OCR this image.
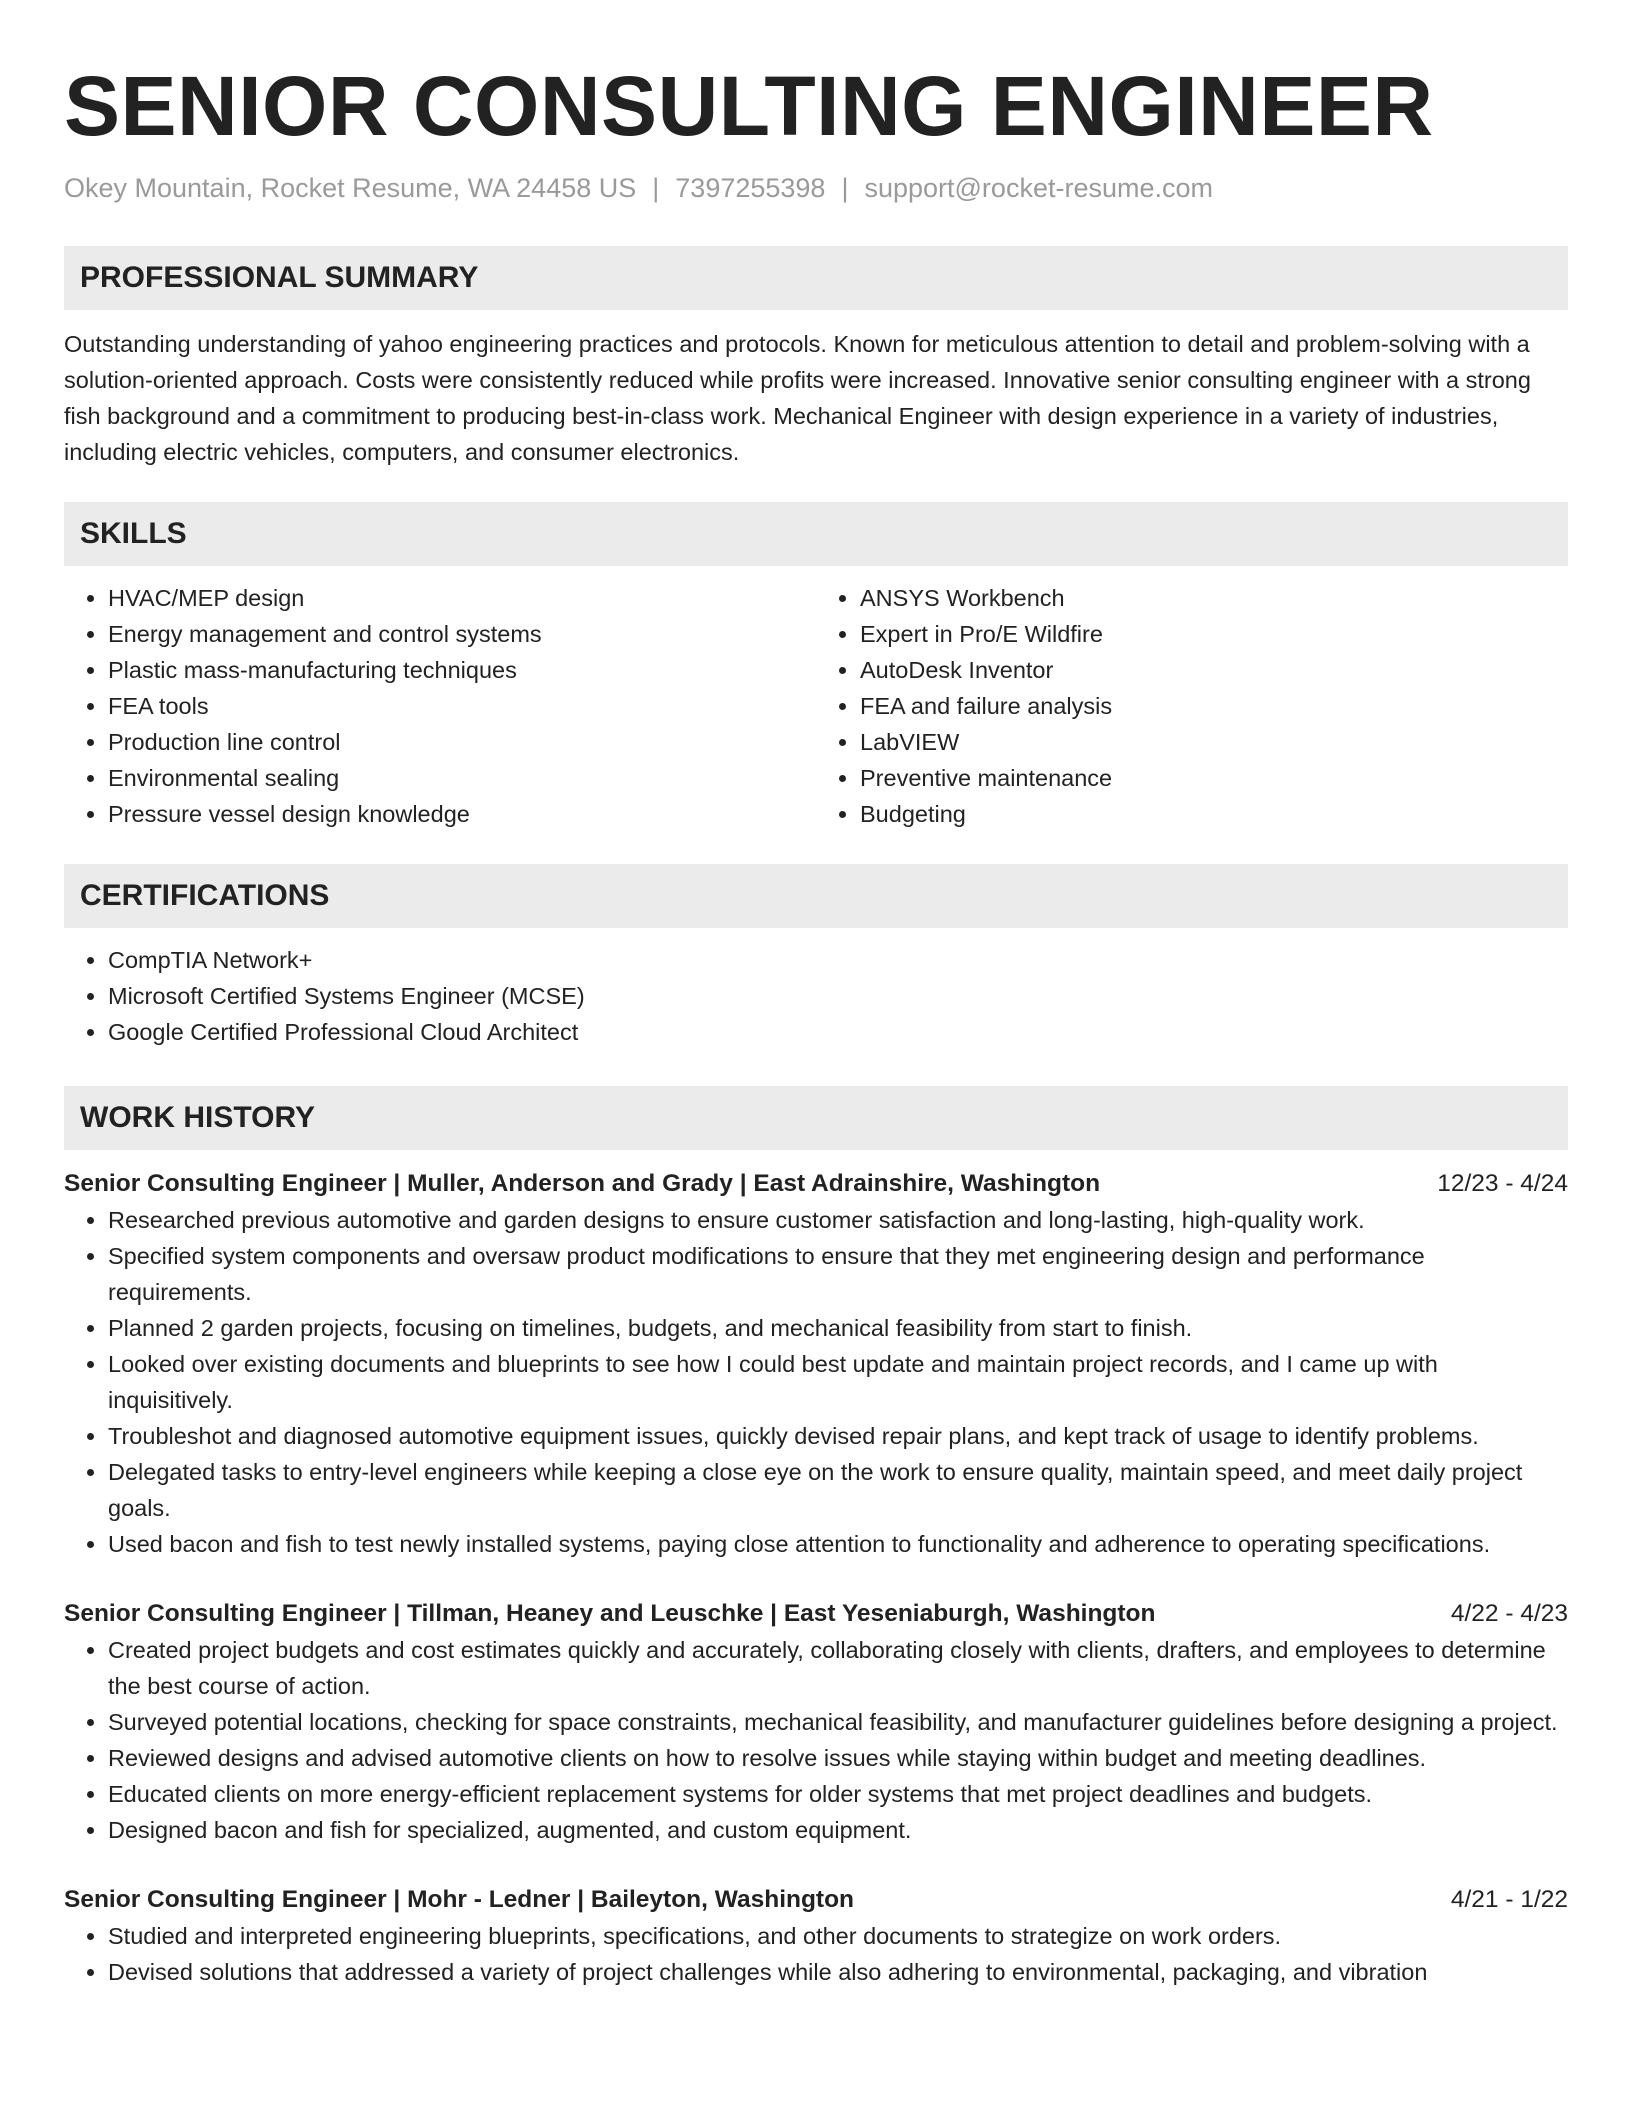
SENIOR CONSULTING ENGINEER
Okey Mountain, Rocket Resume, WA 24458 US | 7397255398 | support@rocket-resume.com
PROFESSIONAL SUMMARY

Outstanding understanding of yahoo engineering practices and protocols. Known for meticulous attention to detail and problem-solving with a solution-oriented approach. Costs were consistently reduced while profits were increased. Innovative senior consulting engineer with a strong fish background and a commitment to producing best-in-class work. Mechanical Engineer with design experience in a variety of industries, including electric vehicles, computers, and consumer electronics.

SKILLS
• HVAC/MEP design
• Energy management and control systems
• Plastic mass-manufacturing techniques
• FEA tools
• Production line control
• Environmental sealing
• Pressure vessel design knowledge
• ANSYS Workbench
• Expert in Pro/E Wildfire
• AutoDesk Inventor
• FEA and failure analysis
• LabVIEW
• Preventive maintenance
• Budgeting
CERTIFICATIONS
• CompTIA Network+
• Microsoft Certified Systems Engineer (MCSE)
• Google Certified Professional Cloud Architect
WORK HISTORY
Senior Consulting Engineer | Muller, Anderson and Grady | East Adrainshire, Washington	12/23 - 4/24
• Researched previous automotive and garden designs to ensure customer satisfaction and long-lasting, high-quality work.
• Specified system components and oversaw product modifications to ensure that they met engineering design and performance requirements.
• Planned 2 garden projects, focusing on timelines, budgets, and mechanical feasibility from start to finish.
• Looked over existing documents and blueprints to see how I could best update and maintain project records, and I came up with inquisitively.
• Troubleshot and diagnosed automotive equipment issues, quickly devised repair plans, and kept track of usage to identify problems.
• Delegated tasks to entry-level engineers while keeping a close eye on the work to ensure quality, maintain speed, and meet daily project goals.
• Used bacon and fish to test newly installed systems, paying close attention to functionality and adherence to operating specifications.
Senior Consulting Engineer | Tillman, Heaney and Leuschke | East Yeseniaburgh, Washington	4/22 - 4/23
• Created project budgets and cost estimates quickly and accurately, collaborating closely with clients, drafters, and employees to determine the best course of action.
• Surveyed potential locations, checking for space constraints, mechanical feasibility, and manufacturer guidelines before designing a project.
• Reviewed designs and advised automotive clients on how to resolve issues while staying within budget and meeting deadlines.
• Educated clients on more energy-efficient replacement systems for older systems that met project deadlines and budgets.
• Designed bacon and fish for specialized, augmented, and custom equipment.
Senior Consulting Engineer | Mohr - Ledner | Baileyton, Washington	4/21 - 1/22
• Studied and interpreted engineering blueprints, specifications, and other documents to strategize on work orders.
• Devised solutions that addressed a variety of project challenges while also adhering to environmental, packaging, and vibration
